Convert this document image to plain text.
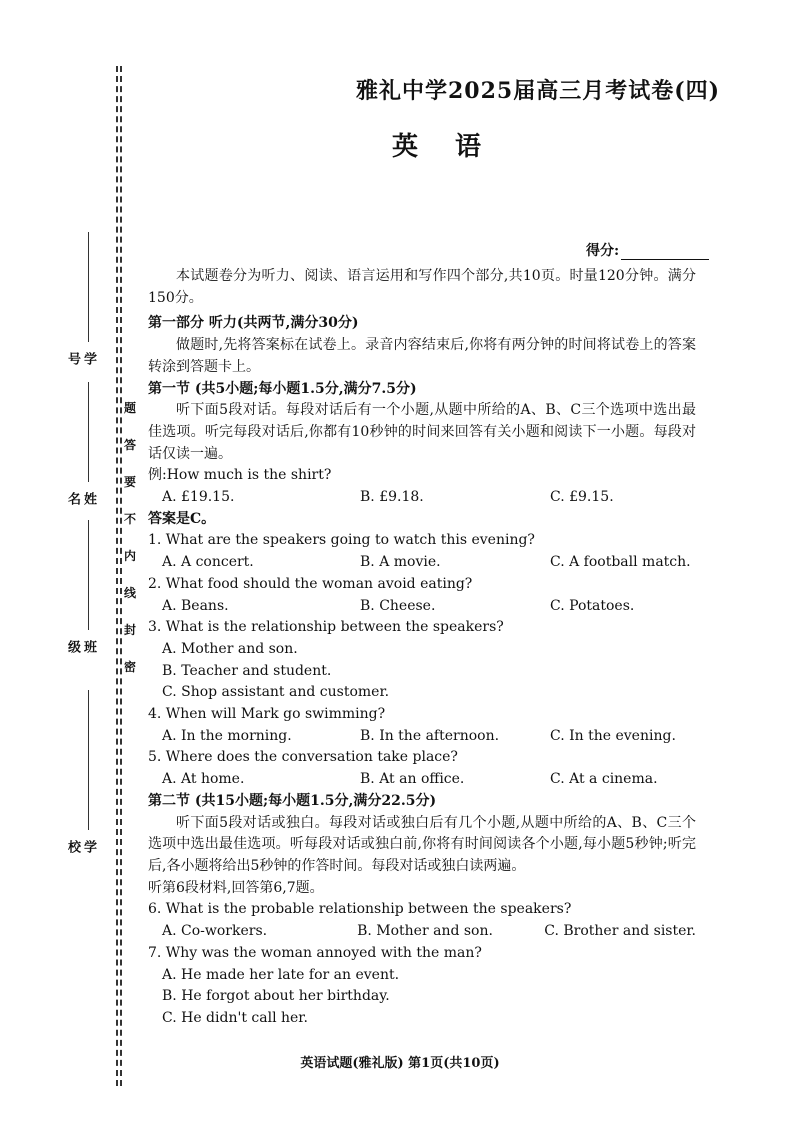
学 号
姓 名
班 级
学 校
题
答
要
不
内
线
封
密
雅礼中学2025届高三月考试卷(四)
英 语
得分:

本试题卷分为听力、阅读、语言运用和写作四个部分,共10页。时量120分钟。满分150分。

第一部分 听力(共两节,满分30分)

做题时,先将答案标在试卷上。录音内容结束后,你将有两分钟的时间将试卷上的答案转涂到答题卡上。

第一节 (共5小题;每小题1.5分,满分7.5分)

听下面5段对话。每段对话后有一个小题,从题中所给的A、B、C三个选项中选出最佳选项。听完每段对话后,你都有10秒钟的时间来回答有关小题和阅读下一小题。每段对话仅读一遍。

例:How much is the shirt?

A. £19.15.	B. £9.18.	C. £9.15.

答案是C。

1. What are the speakers going to watch this evening?

A. A concert.	B. A movie.	C. A football match.

2. What food should the woman avoid eating?

A. Beans.	B. Cheese.	C. Potatoes.

3. What is the relationship between the speakers?

A. Mother and son.

B. Teacher and student.

C. Shop assistant and customer.

4. When will Mark go swimming?

A. In the morning.	B. In the afternoon.	C. In the evening.

5. Where does the conversation take place?

A. At home.	B. At an office.	C. At a cinema.

第二节 (共15小题;每小题1.5分,满分22.5分)

听下面5段对话或独白。每段对话或独白后有几个小题,从题中所给的A、B、C三个选项中选出最佳选项。听每段对话或独白前,你将有时间阅读各个小题,每小题5秒钟;听完后,各小题将给出5秒钟的作答时间。每段对话或独白读两遍。

听第6段材料,回答第6,7题。

6. What is the probable relationship between the speakers?

A. Co-workers.	B. Mother and son.	C. Brother and sister.

7. Why was the woman annoyed with the man?

A. He made her late for an event.

B. He forgot about her birthday.

C. He didn't call her.

英语试题(雅礼版) 第1页(共10页)
